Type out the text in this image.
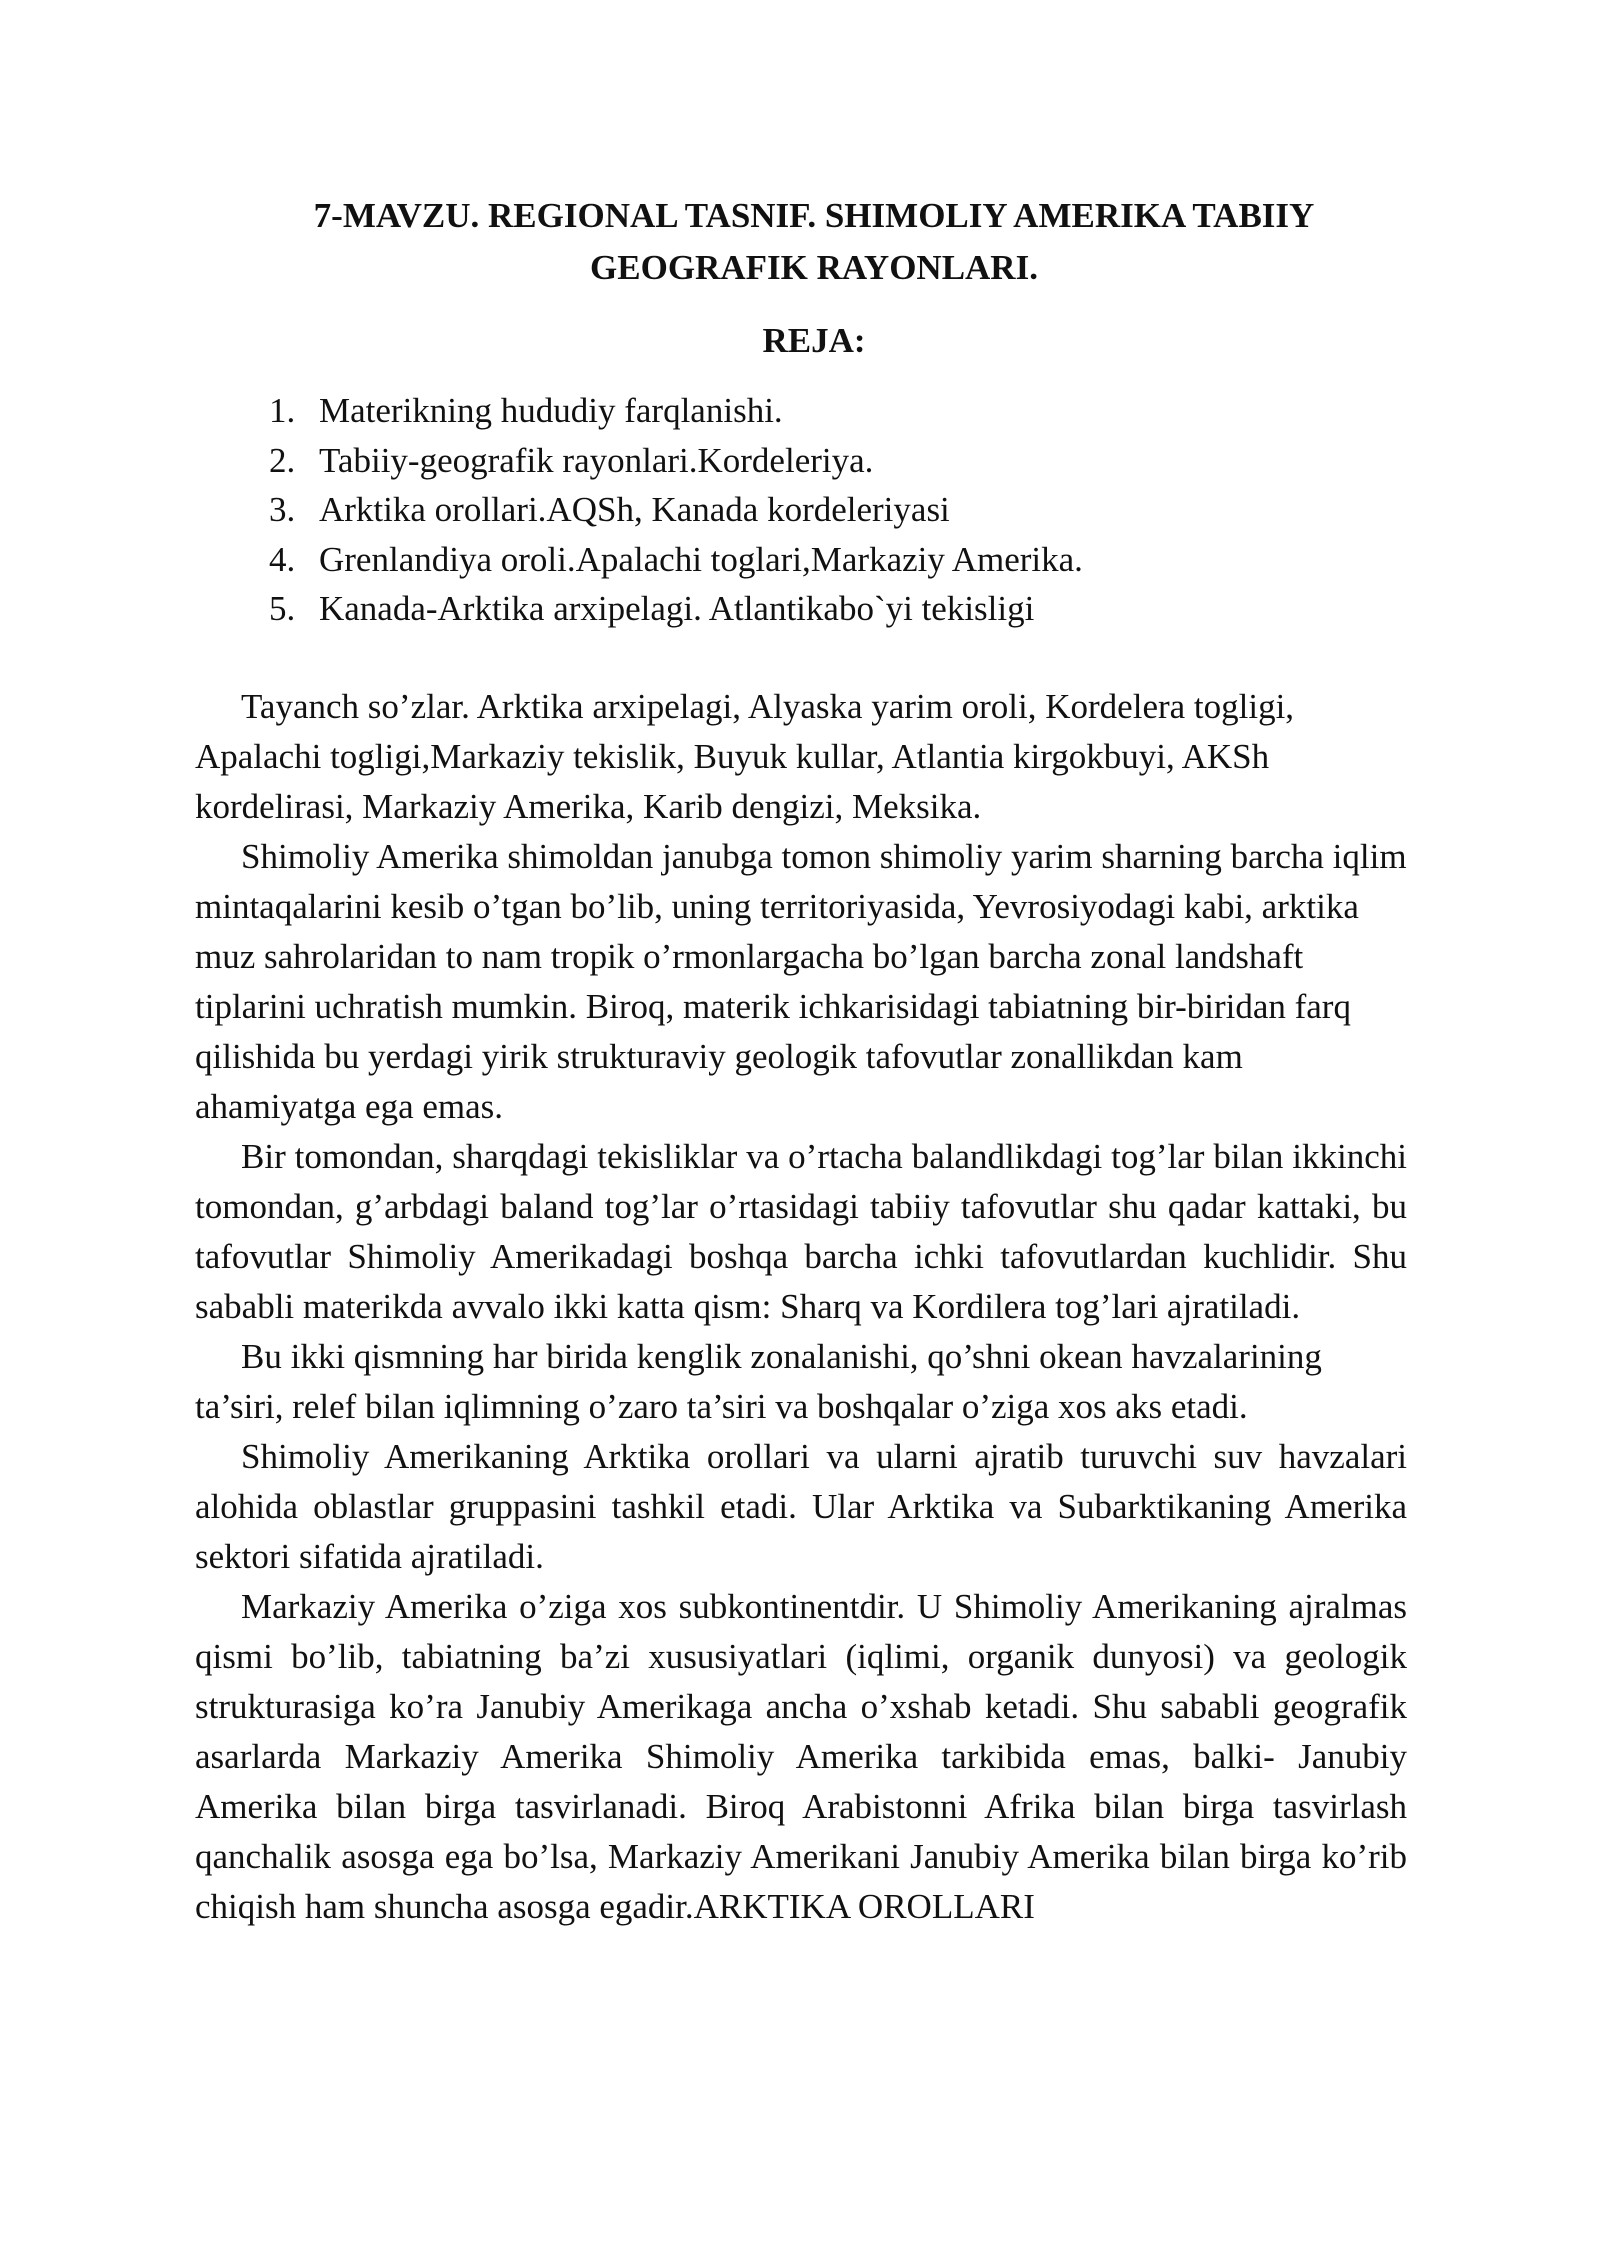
7-MAVZU. REGIONAL TASNIF. SHIMOLIY AMERIKA TABIIY
GEOGRAFIK RAYONLARI.
REJA:
1. Materikning hududiy farqlanishi.
2. Tabiiy-geografik rayonlari.Kordeleriya.
3. Arktika orollari.AQSh, Kanada kordeleriyasi
4. Grenlandiya oroli.Apalachi toglari,Markaziy Amerika.
5. Kanada-Arktika arxipelagi. Atlantikabo`yi tekisligi

Tayanch so’zlar. Arktika arxipelagi, Alyaska yarim oroli, Kordelera togligi, Apalachi togligi,Markaziy tekislik, Buyuk kullar, Atlantia kirgokbuyi, AKSh kordelirasi, Markaziy Amerika, Karib dengizi, Meksika.

Shimoliy Amerika shimoldan janubga tomon shimoliy yarim sharning barcha iqlim mintaqalarini kesib o’tgan bo’lib, uning territoriyasida, Yevrosiyodagi kabi, arktika muz sahrolaridan to nam tropik o’rmonlargacha bo’lgan barcha zonal landshaft tiplarini uchratish mumkin. Biroq, materik ichkarisidagi tabiatning bir-biridan farq qilishida bu yerdagi yirik strukturaviy geologik tafovutlar zonallikdan kam ahamiyatga ega emas.

Bir tomondan, sharqdagi tekisliklar va o’rtacha balandlikdagi tog’lar bilan ikkinchi tomondan, g’arbdagi baland tog’lar o’rtasidagi tabiiy tafovutlar shu qadar kattaki, bu tafovutlar Shimoliy Amerikadagi boshqa barcha ichki tafovutlardan kuchlidir. Shu sababli materikda avvalo ikki katta qism: Sharq va Kordilera tog’lari ajratiladi.

Bu ikki qismning har birida kenglik zonalanishi, qo’shni okean havzalarining ta’siri, relef bilan iqlimning o’zaro ta’siri va boshqalar o’ziga xos aks etadi.

Shimoliy Amerikaning Arktika orollari va ularni ajratib turuvchi suv havzalari alohida oblastlar gruppasini tashkil etadi. Ular Arktika va Subarktikaning Amerika sektori sifatida ajratiladi.

Markaziy Amerika o’ziga xos subkontinentdir. U Shimoliy Amerikaning ajralmas qismi bo’lib, tabiatning ba’zi xususiyatlari (iqlimi, organik dunyosi) va geologik strukturasiga ko’ra Janubiy Amerikaga ancha o’xshab ketadi. Shu sababli geografik asarlarda Markaziy Amerika Shimoliy Amerika tarkibida emas, balki- Janubiy Amerika bilan birga tasvirlanadi. Biroq Arabistonni Afrika bilan birga tasvirlash qanchalik asosga ega bo’lsa, Markaziy Amerikani Janubiy Amerika bilan birga ko’rib chiqish ham shuncha asosga egadir.ARKTIKA OROLLARI
